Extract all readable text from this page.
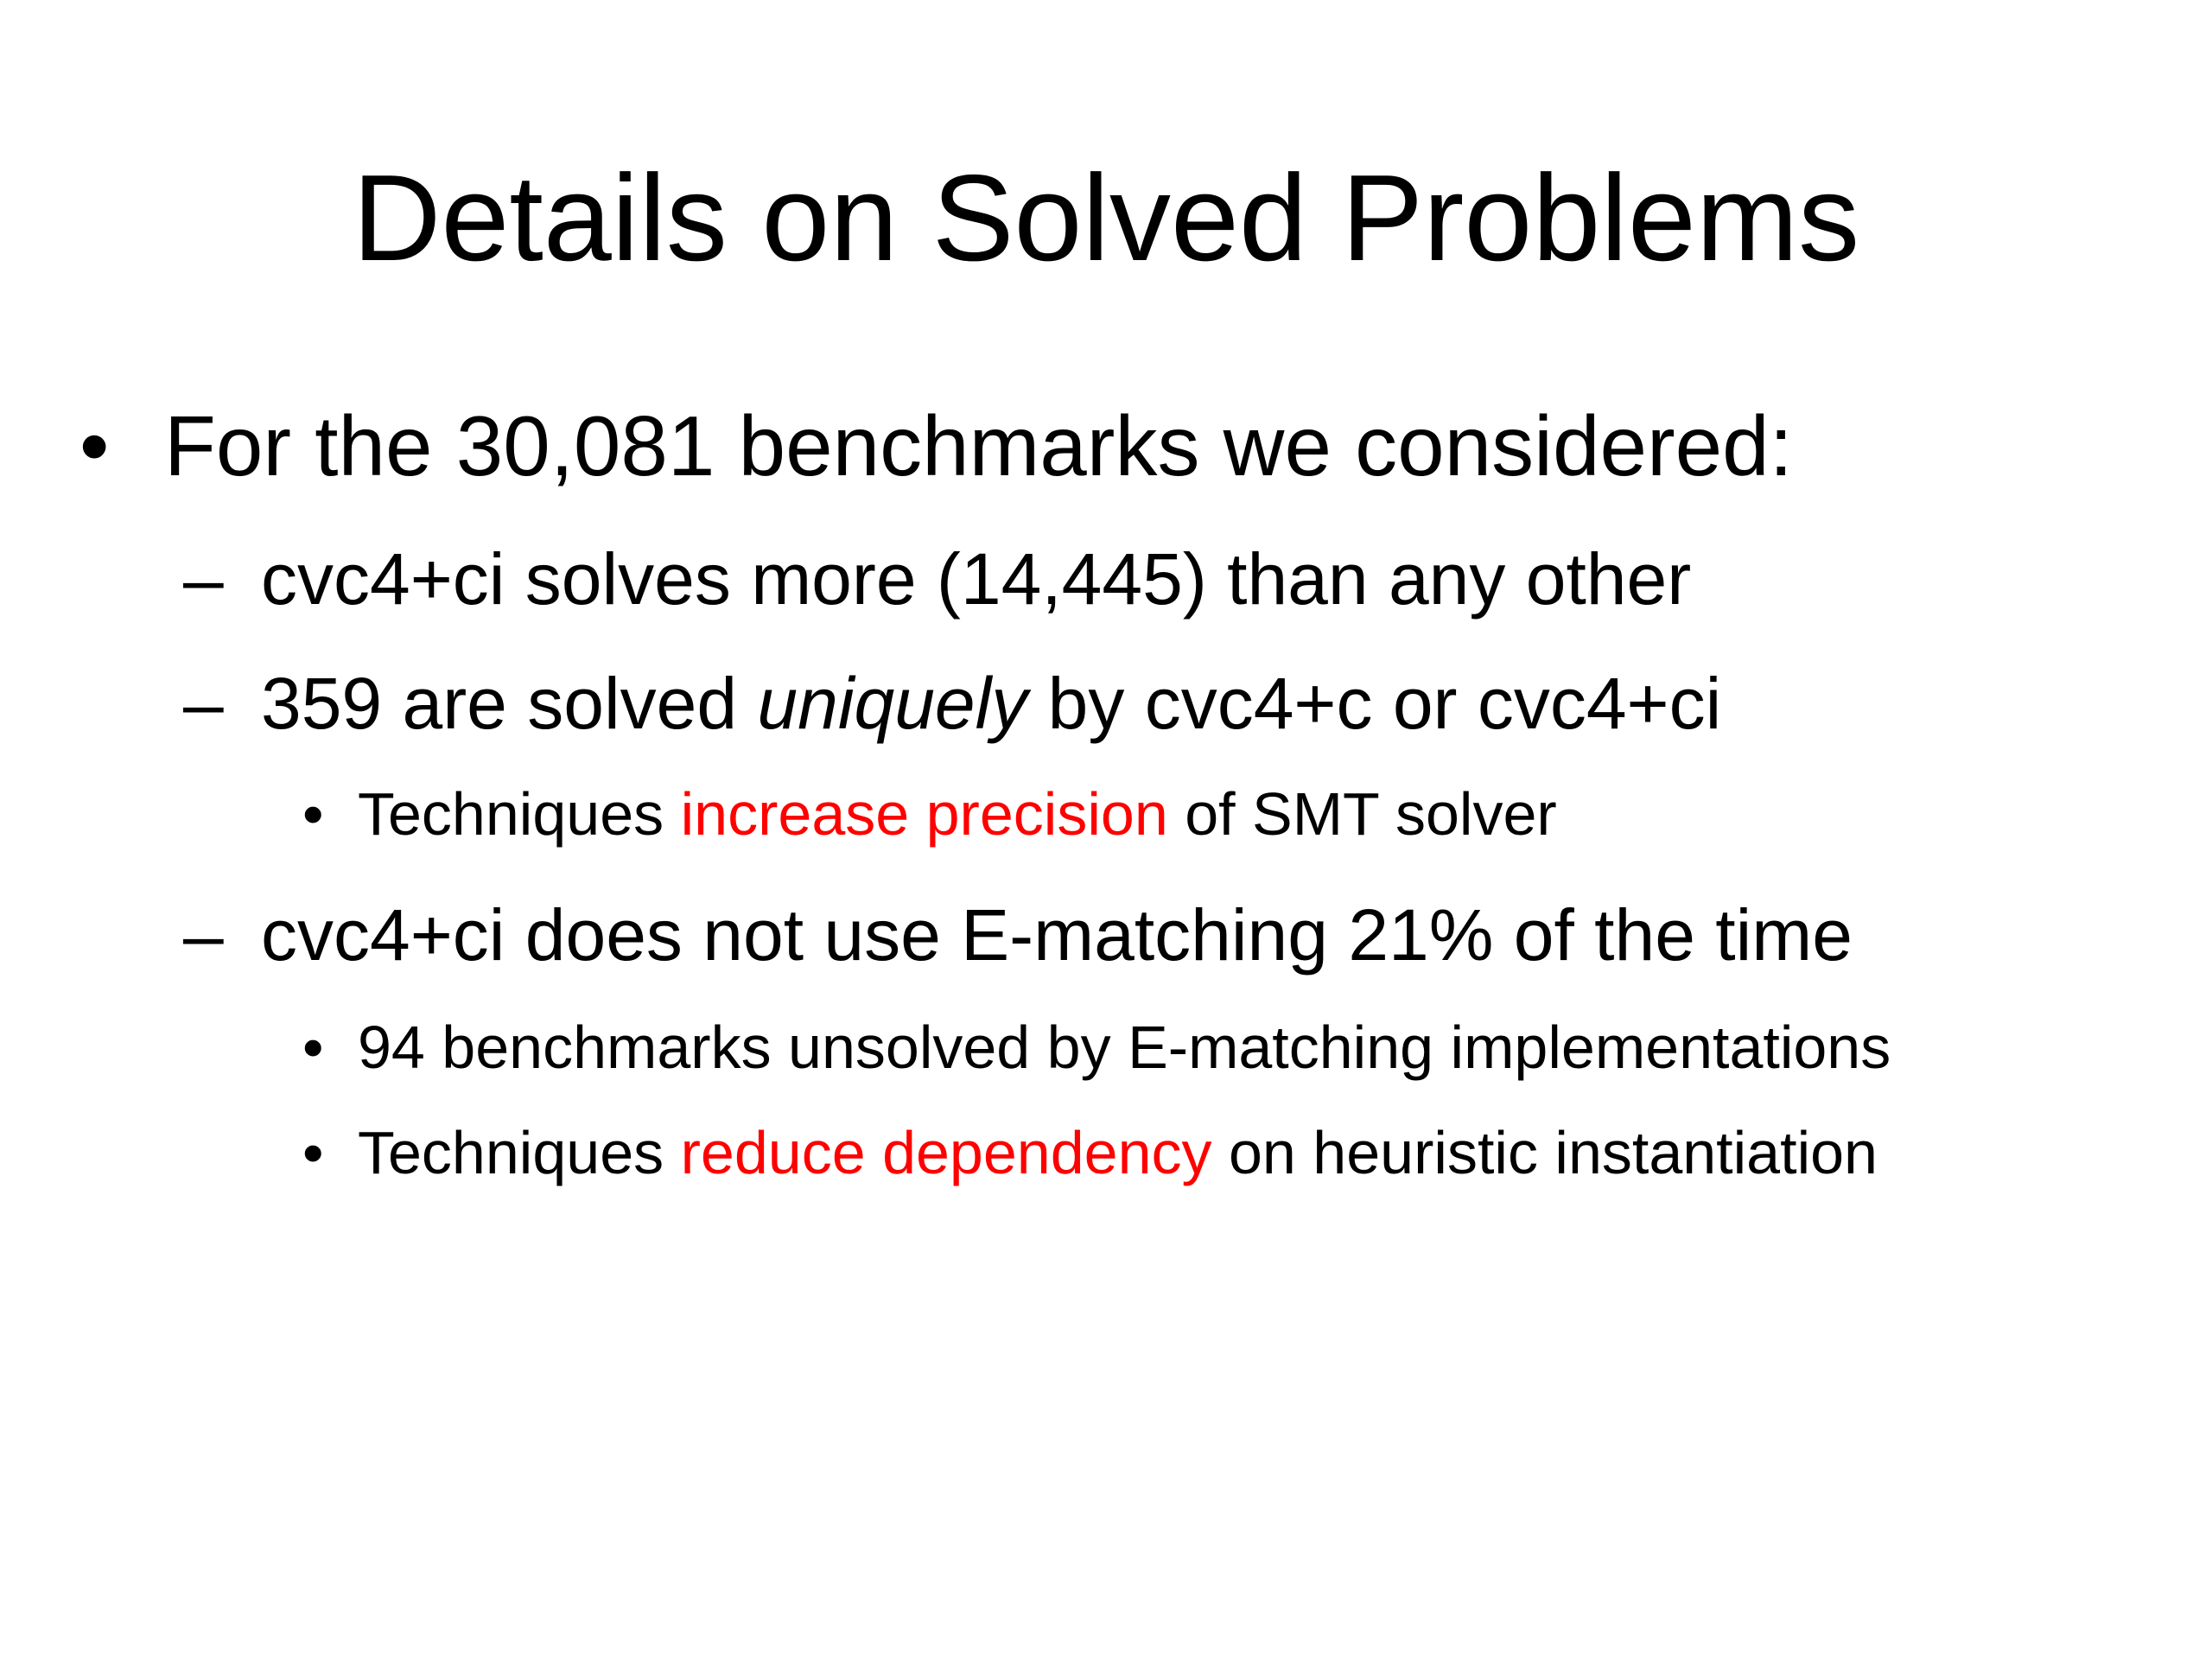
Details on Solved Problems
• For the 30,081 benchmarks we considered:
– cvc4+ci solves more (14,445) than any other
– 359 are solved uniquely by cvc4+c or cvc4+ci
• Techniques increase precision of SMT solver
– cvc4+ci does not use E-matching 21% of the time
• 94 benchmarks unsolved by E-matching implementations
• Techniques reduce dependency on heuristic instantiation
